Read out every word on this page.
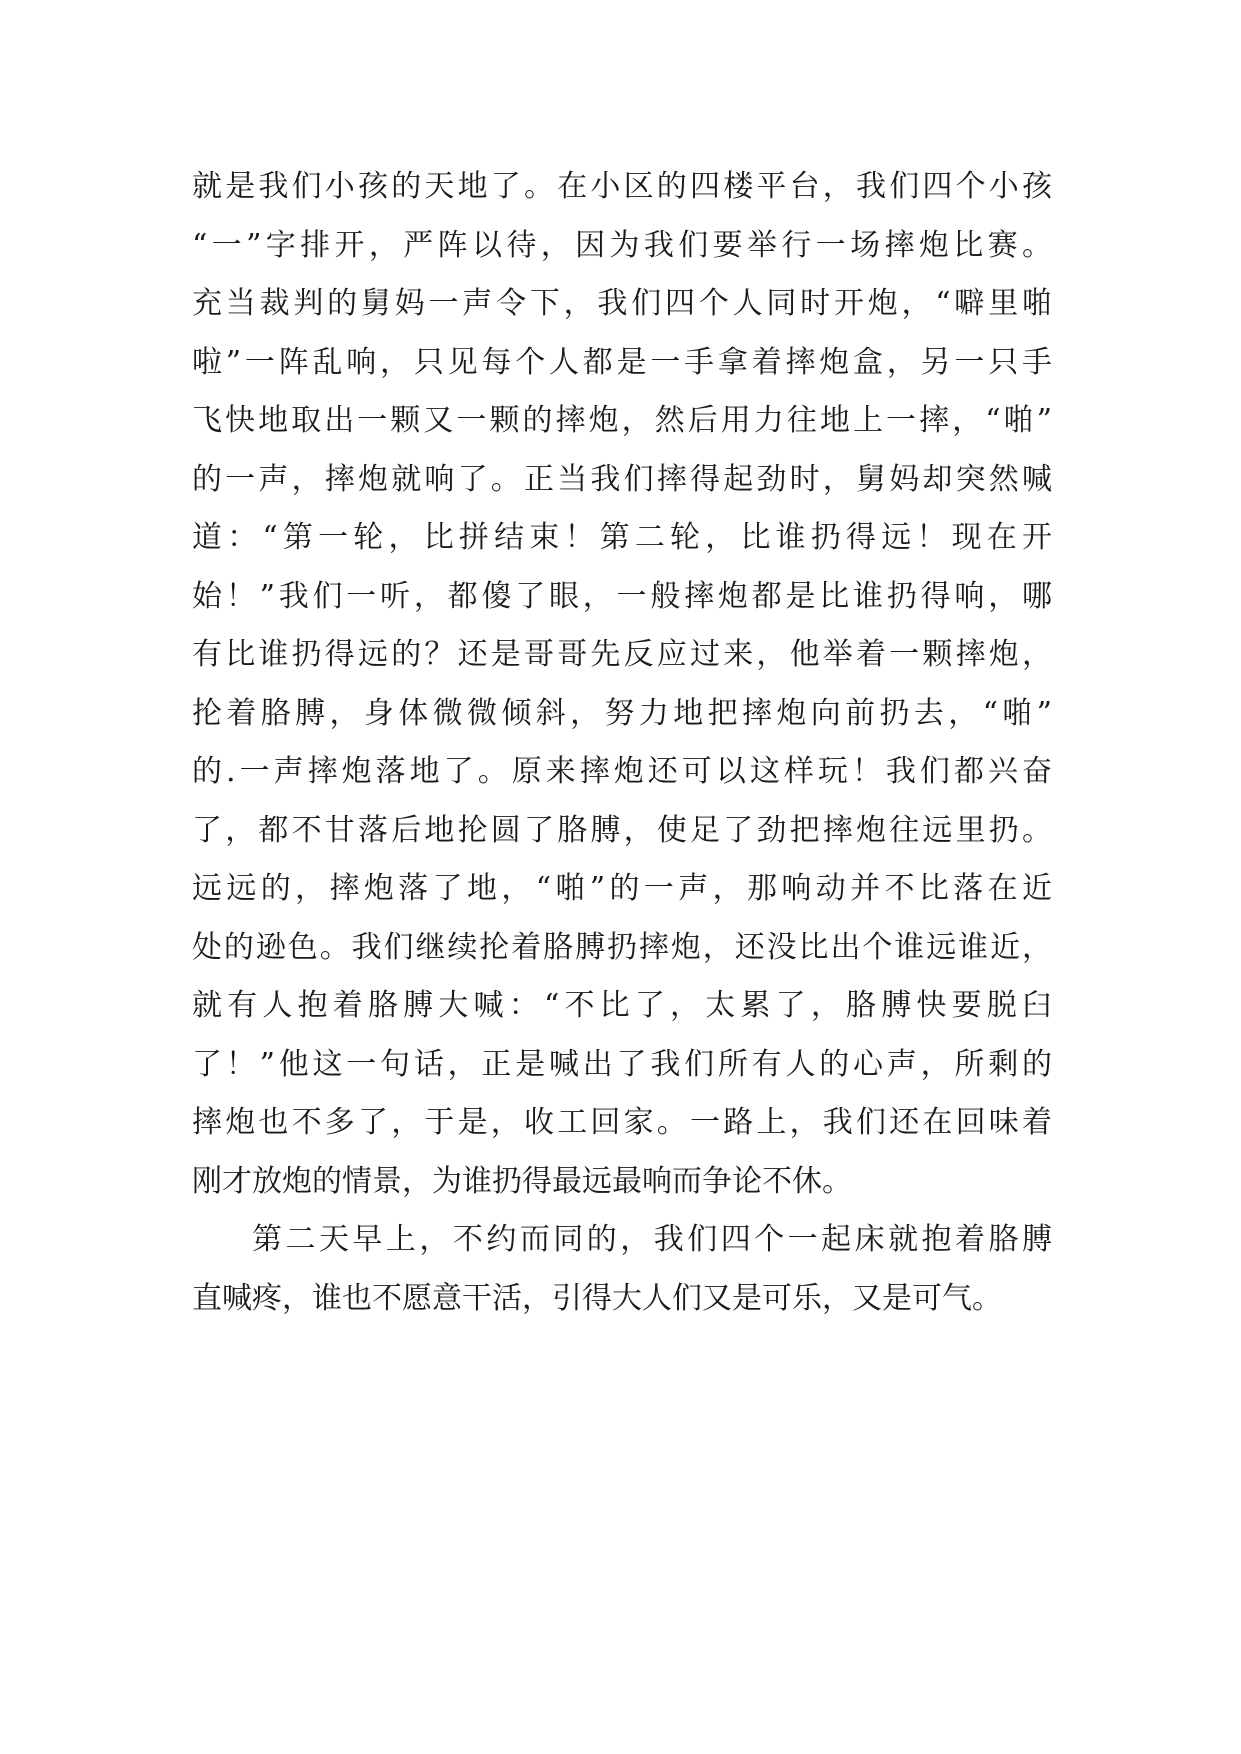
就是我们小孩的天地了。在小区的四楼平台，我们四个小孩
“一”字排开，严阵以待，因为我们要举行一场摔炮比赛。
充当裁判的舅妈一声令下，我们四个人同时开炮，“噼里啪
啦”一阵乱响，只见每个人都是一手拿着摔炮盒，另一只手
飞快地取出一颗又一颗的摔炮，然后用力往地上一摔，“啪”
的一声，摔炮就响了。正当我们摔得起劲时，舅妈却突然喊
道：“第一轮，比拼结束！第二轮，比谁扔得远！现在开
始！”我们一听，都傻了眼，一般摔炮都是比谁扔得响，哪
有比谁扔得远的？还是哥哥先反应过来，他举着一颗摔炮，
抡着胳膊，身体微微倾斜，努力地把摔炮向前扔去，“啪”
的.一声摔炮落地了。原来摔炮还可以这样玩！我们都兴奋
了，都不甘落后地抡圆了胳膊，使足了劲把摔炮往远里扔。
远远的，摔炮落了地，“啪”的一声，那响动并不比落在近
处的逊色。我们继续抡着胳膊扔摔炮，还没比出个谁远谁近，
就有人抱着胳膊大喊：“不比了，太累了，胳膊快要脱臼
了！”他这一句话，正是喊出了我们所有人的心声，所剩的
摔炮也不多了，于是，收工回家。一路上，我们还在回味着
刚才放炮的情景，为谁扔得最远最响而争论不休。
第二天早上，不约而同的，我们四个一起床就抱着胳膊
直喊疼，谁也不愿意干活，引得大人们又是可乐，又是可气。
